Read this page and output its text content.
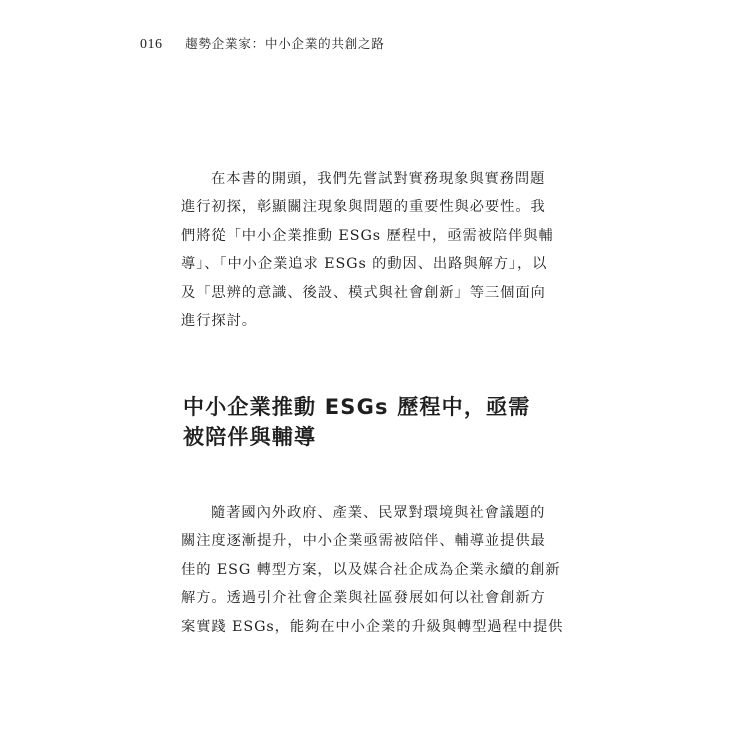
016 趨勢企業家：中小企業的共創之路

在本書的開頭，我們先嘗試對實務現象與實務問題
進行初探，彰顯關注現象與問題的重要性與必要性。我
們將從「中小企業推動 ESGs 歷程中，亟需被陪伴與輔
導」、「中小企業追求 ESGs 的動因、出路與解方」，以
及「思辨的意識、後設、模式與社會創新」等三個面向
進行探討。

中小企業推動 ESGs 歷程中，亟需
被陪伴與輔導

隨著國內外政府、產業、民眾對環境與社會議題的
關注度逐漸提升，中小企業亟需被陪伴、輔導並提供最
佳的 ESG 轉型方案，以及媒合社企成為企業永續的創新
解方。透過引介社會企業與社區發展如何以社會創新方
案實踐 ESGs，能夠在中小企業的升級與轉型過程中提供
